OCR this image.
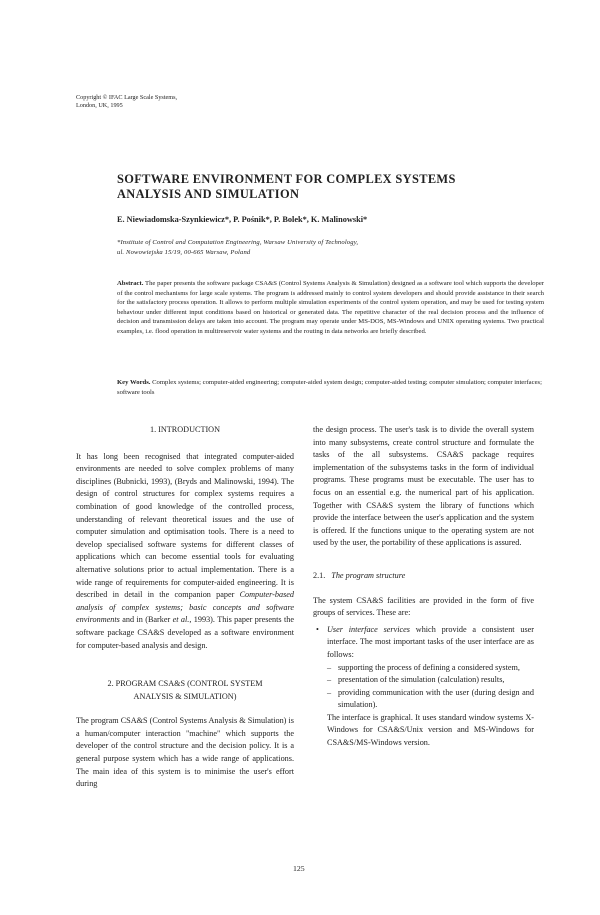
Copyright © IFAC Large Scale Systems,
London, UK, 1995
SOFTWARE ENVIRONMENT FOR COMPLEX SYSTEMS
ANALYSIS AND SIMULATION
E. Niewiadomska-Szynkiewicz*, P. Pośnik*, P. Bolek*, K. Malinowski*
*Institute of Control and Computation Engineering, Warsaw University of Technology,
ul. Nowowiejska 15/19, 00-665 Warsaw, Poland
Abstract. The paper presents the software package CSA&S (Control Systems Analysis & Simulation) designed as a software tool which supports the developer of the control mechanisms for large scale systems. The program is addressed mainly to control system developers and should provide assistance in their search for the satisfactory process operation. It allows to perform multiple simulation experiments of the control system operation, and may be used for testing system behaviour under different input conditions based on historical or generated data. The repetitive character of the real decision process and the influence of decision and transmission delays are taken into account. The program may operate under MS-DOS, MS-Windows and UNIX operating systems. Two practical examples, i.e. flood operation in multireservoir water systems and the routing in data networks are briefly described.
Key Words. Complex systems; computer-aided engineering; computer-aided system design; computer-aided testing; computer simulation; computer interfaces; software tools
1. INTRODUCTION

It has long been recognised that integrated computer-aided environments are needed to solve complex problems of many disciplines (Bubnicki, 1993), (Bryds and Malinowski, 1994). The design of control structures for complex systems requires a combination of good knowledge of the controlled process, understanding of relevant theoretical issues and the use of computer simulation and optimisation tools. There is a need to develop specialised software systems for different classes of applications which can become essential tools for evaluating alternative solutions prior to actual implementation. There is a wide range of requirements for computer-aided engineering. It is described in detail in the companion paper Computer-based analysis of complex systems; basic concepts and software environments and in (Barker et al., 1993). This paper presents the software package CSA&S developed as a software environment for computer-based analysis and design.

2. PROGRAM CSA&S (CONTROL SYSTEM
ANALYSIS & SIMULATION)

The program CSA&S (Control Systems Analysis & Simulation) is a human/computer interaction "machine" which supports the developer of the control structure and the decision policy. It is a general purpose system which has a wide range of applications. The main idea of this system is to minimise the user's effort during

the design process. The user's task is to divide the overall system into many subsystems, create control structure and formulate the tasks of the all subsystems. CSA&S package requires implementation of the subsystems tasks in the form of individual programs. These programs must be executable. The user has to focus on an essential e.g. the numerical part of his application. Together with CSA&S system the library of functions which provide the interface between the user's application and the system is offered. If the functions unique to the operating system are not used by the user, the portability of these applications is assured.

2.1. The program structure

The system CSA&S facilities are provided in the form of five groups of services. These are:

• User interface services which provide a consistent user interface. The most important tasks of the user interface are as follows:
– supporting the process of defining a considered system,
– presentation of the simulation (calculation) results,
– providing communication with the user (during design and simulation).

The interface is graphical. It uses standard window systems X-Windows for CSA&S/Unix version and MS-Windows for CSA&S/MS-Windows version.

125
